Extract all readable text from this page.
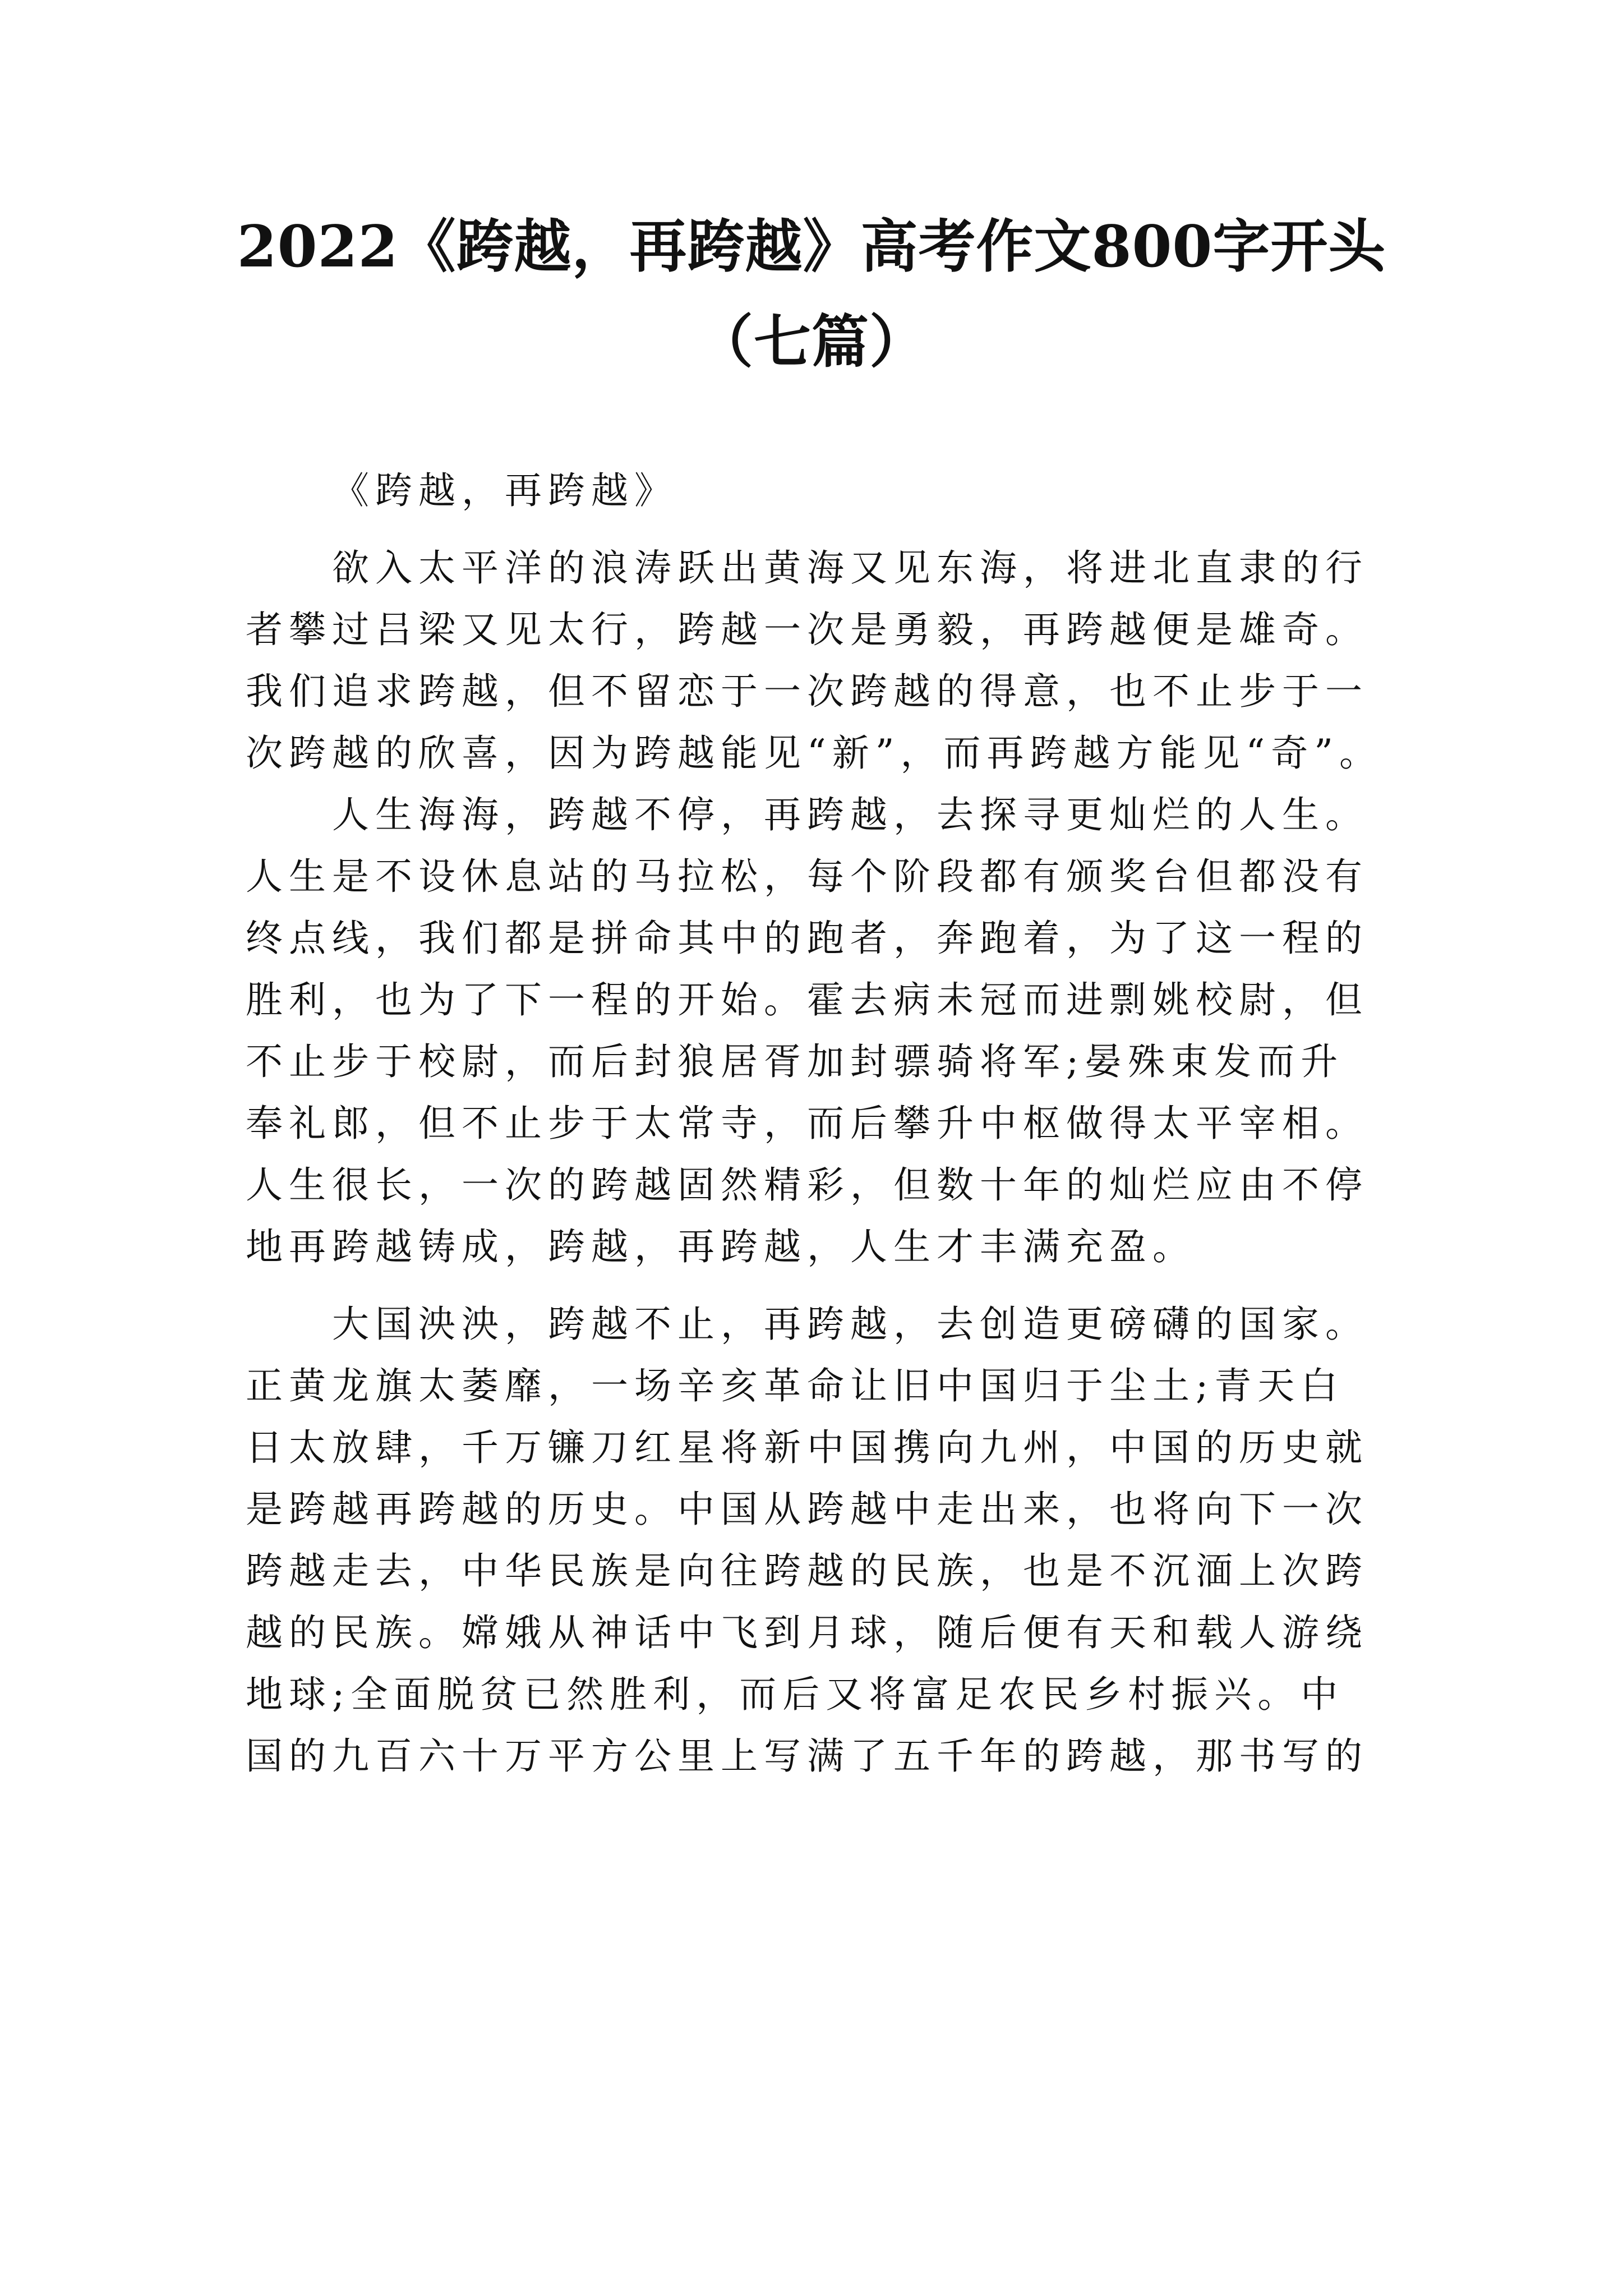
2022《跨越，再跨越》高考作文800字开头
（七篇）
《跨越，再跨越》
欲入太平洋的浪涛跃出黄海又见东海，将进北直隶的行
者攀过吕梁又见太行，跨越一次是勇毅，再跨越便是雄奇。
我们追求跨越，但不留恋于一次跨越的得意，也不止步于一
次跨越的欣喜，因为跨越能见“新”，而再跨越方能见“奇”。
人生海海，跨越不停，再跨越，去探寻更灿烂的人生。
人生是不设休息站的马拉松，每个阶段都有颁奖台但都没有
终点线，我们都是拼命其中的跑者，奔跑着，为了这一程的
胜利，也为了下一程的开始。霍去病未冠而进剽姚校尉，但
不止步于校尉，而后封狼居胥加封骠骑将军;晏殊束发而升
奉礼郎，但不止步于太常寺，而后攀升中枢做得太平宰相。
人生很长，一次的跨越固然精彩，但数十年的灿烂应由不停
地再跨越铸成，跨越，再跨越，人生才丰满充盈。
大国泱泱，跨越不止，再跨越，去创造更磅礴的国家。
正黄龙旗太萎靡，一场辛亥革命让旧中国归于尘土;青天白
日太放肆，千万镰刀红星将新中国携向九州，中国的历史就
是跨越再跨越的历史。中国从跨越中走出来，也将向下一次
跨越走去，中华民族是向往跨越的民族，也是不沉湎上次跨
越的民族。嫦娥从神话中飞到月球，随后便有天和载人游绕
地球;全面脱贫已然胜利，而后又将富足农民乡村振兴。中
国的九百六十万平方公里上写满了五千年的跨越，那书写的
